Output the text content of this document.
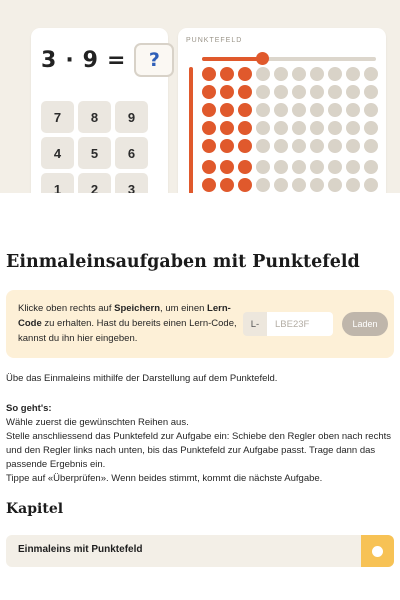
3 · 9 =	?
7	8	9
4	5	6
1	2	3
PUNKTEFELD
Einmaleinsaufgaben mit Punktefeld

Klicke oben rechts auf Speichern, um einen Lern-Code zu erhalten. Hast du bereits einen Lern-Code, kannst du ihn hier eingeben.

L-
LBE23F	Laden

Übe das Einmaleins mithilfe der Darstellung auf dem Punktefeld.

So geht's:

Wähle zuerst die gewünschten Reihen aus.

Stelle anschliessend das Punktefeld zur Aufgabe ein: Schiebe den Regler oben nach rechts und den Regler links nach unten, bis das Punktefeld zur Aufgabe passt. Trage dann das passende Ergebnis ein.

Tippe auf «Überprüfen». Wenn beides stimmt, kommt die nächste Aufgabe.

Kapitel
Einmaleins mit Punktefeld
